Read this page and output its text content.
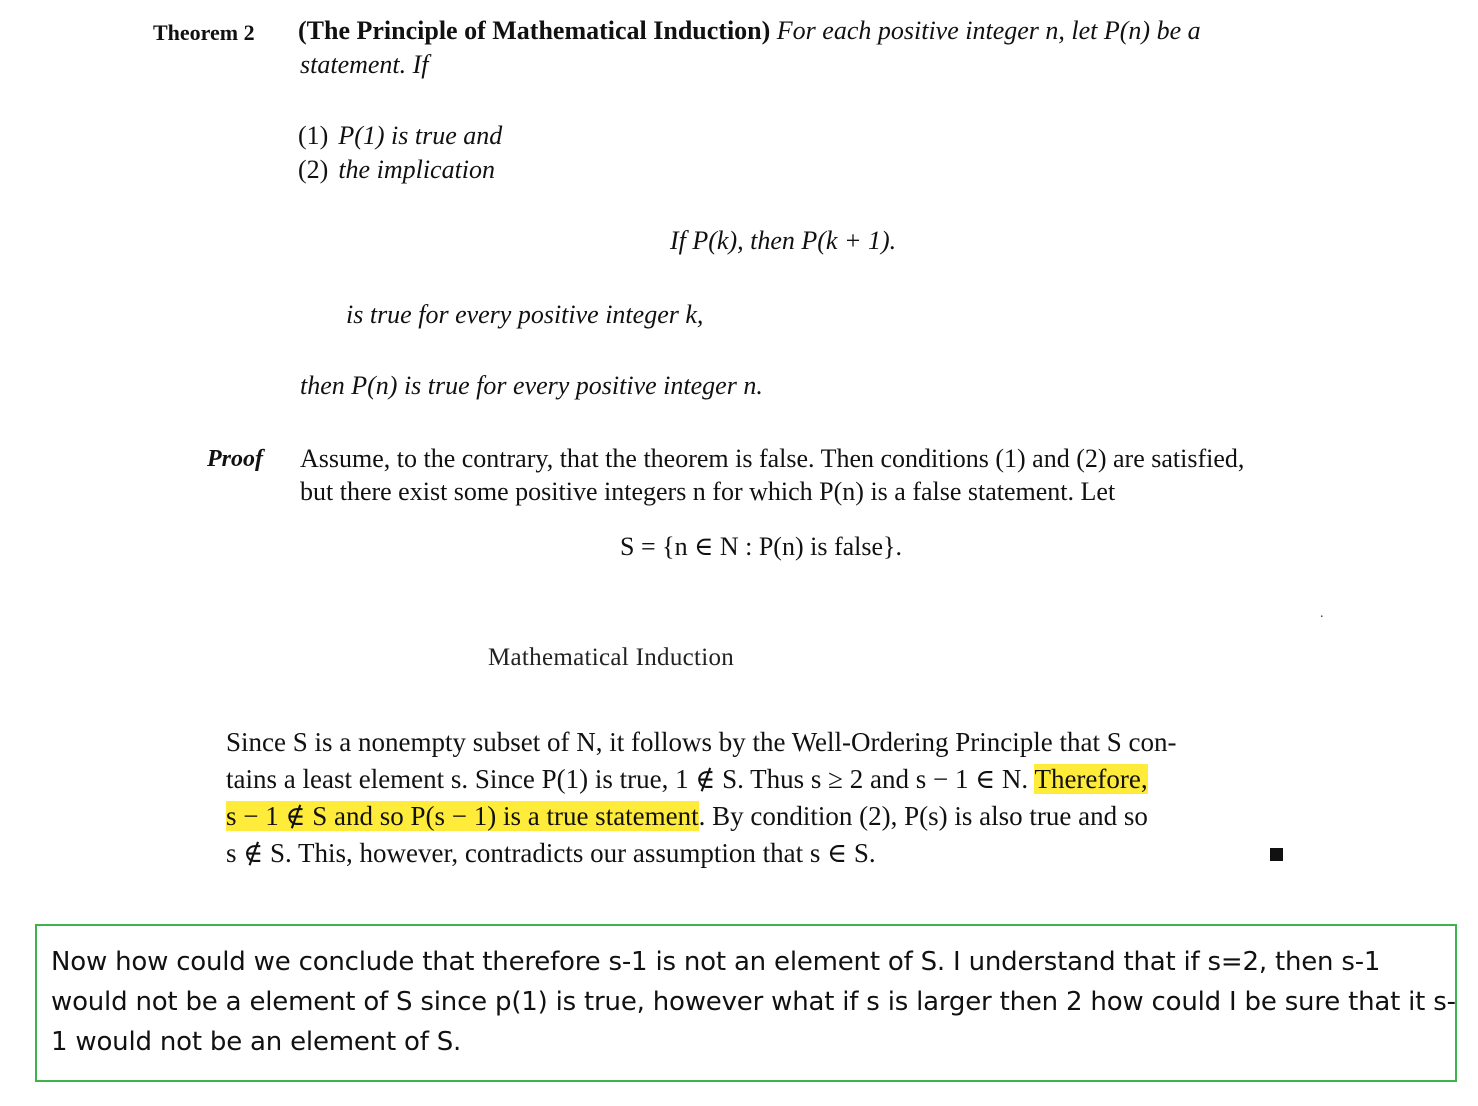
Theorem 2 (The Principle of Mathematical Induction) For each positive integer n, let P(n) be a
statement. If
(1) P(1) is true and
(2) the implication
If P(k), then P(k + 1).
is true for every positive integer k,
then P(n) is true for every positive integer n.
Proof Assume, to the contrary, that the theorem is false. Then conditions (1) and (2) are satisfied,
but there exist some positive integers n for which P(n) is a false statement. Let
S = {n ∈ N : P(n) is false}.
.
Mathematical Induction
Since S is a nonempty subset of N, it follows by the Well-Ordering Principle that S con-
tains a least element s. Since P(1) is true, 1 ∉ S. Thus s ≥ 2 and s − 1 ∈ N. Therefore,
s − 1 ∉ S and so P(s − 1) is a true statement. By condition (2), P(s) is also true and so
s ∉ S. This, however, contradicts our assumption that s ∈ S.
Now how could we conclude that therefore s-1 is not an element of S. I understand that if s=2, then s-1 would not be a element of S since p(1) is true, however what if s is larger then 2 how could I be sure that it s-1 would not be an element of S.
